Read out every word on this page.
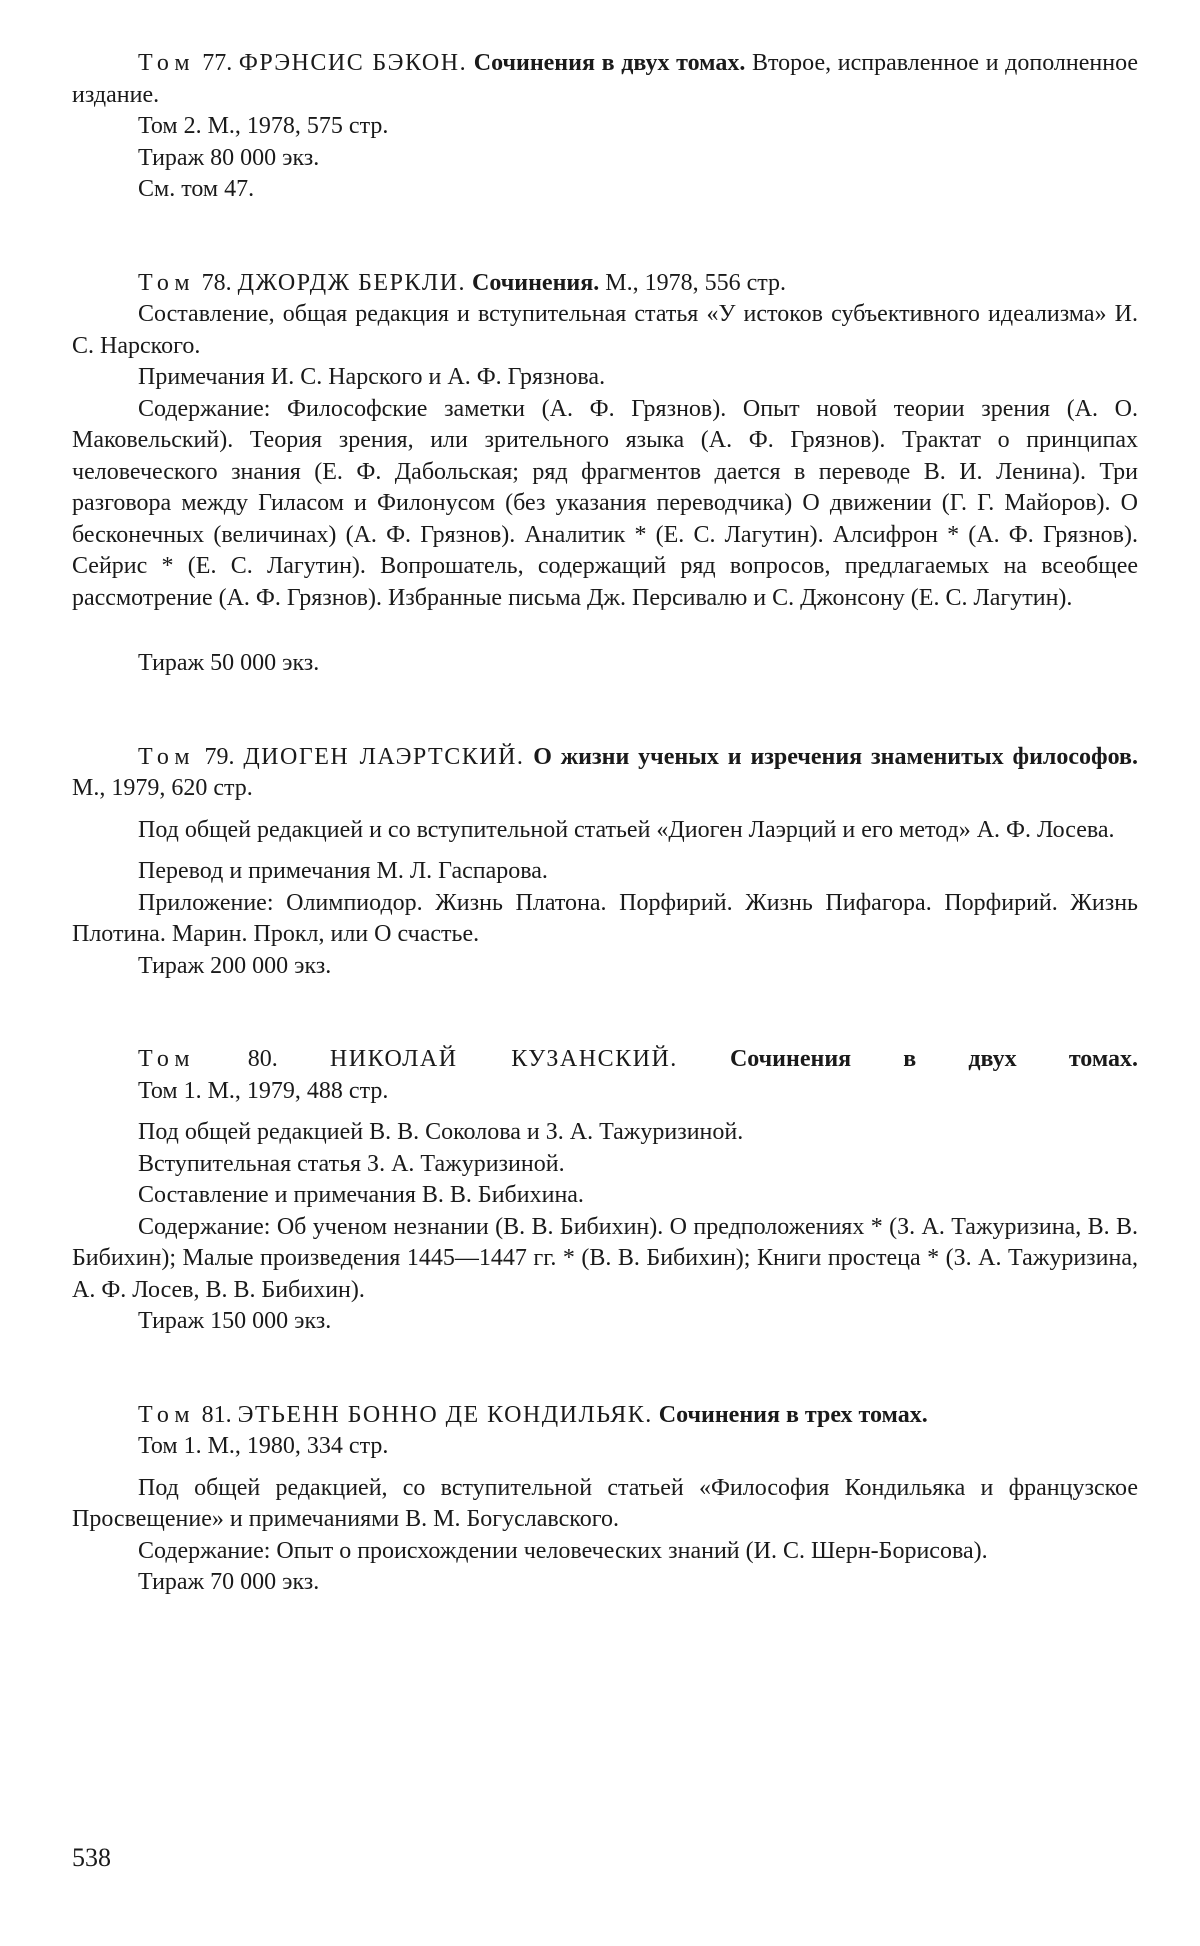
Том 77. ФРЭНСИС БЭКОН. Сочинения в двух томах. Второе, исправленное и дополненное издание.

Том 2. М., 1978, 575 стр.

Тираж 80 000 экз.

См. том 47.

Том 78. ДЖОРДЖ БЕРКЛИ. Сочинения. М., 1978, 556 стр.

Составление, общая редакция и вступительная статья «У истоков субъективного идеализма» И. С. Нарского.

Примечания И. С. Нарского и А. Ф. Грязнова.

Содержание: Философские заметки (А. Ф. Грязнов). Опыт новой теории зрения (А. О. Маковельский). Теория зрения, или зрительного языка (А. Ф. Грязнов). Трактат о принципах человеческого знания (Е. Ф. Дабольская; ряд фрагментов дается в переводе В. И. Ленина). Три разговора между Гиласом и Филонусом (без указания переводчика) О движении (Г. Г. Майоров). О бесконечных (величинах) (А. Ф. Грязнов). Аналитик * (Е. С. Лагутин). Алсифрон * (А. Ф. Грязнов). Сейрис * (Е. С. Лагутин). Вопрошатель, содержащий ряд вопросов, предлагаемых на всеобщее рассмотрение (А. Ф. Грязнов). Избранные письма Дж. Персивалю и С. Джонсону (Е. С. Лагутин).

Тираж 50 000 экз.

Том 79. ДИОГЕН ЛАЭРТСКИЙ. О жизни ученых и изречения знаменитых философов. М., 1979, 620 стр.

Под общей редакцией и со вступительной статьей «Диоген Лаэрций и его метод» А. Ф. Лосева.

Перевод и примечания М. Л. Гаспарова.

Приложение: Олимпиодор. Жизнь Платона. Порфирий. Жизнь Пифагора. Порфирий. Жизнь Плотина. Марин. Прокл, или О счастье.

Тираж 200 000 экз.

Том 80. НИКОЛАЙ КУЗАНСКИЙ. Сочинения в двух томах.

Том 1. М., 1979, 488 стр.

Под общей редакцией В. В. Соколова и З. А. Тажуризиной.

Вступительная статья З. А. Тажуризиной.

Составление и примечания В. В. Бибихина.

Содержание: Об ученом незнании (В. В. Бибихин). О предположениях * (З. А. Тажуризина, В. В. Бибихин); Малые произведения 1445—1447 гг. * (В. В. Бибихин); Книги простеца * (З. А. Тажуризина, А. Ф. Лосев, В. В. Бибихин).

Тираж 150 000 экз.

Том 81. ЭТЬЕНН БОННО ДЕ КОНДИЛЬЯК. Сочинения в трех томах.

Том 1. М., 1980, 334 стр.

Под общей редакцией, со вступительной статьей «Философия Кондильяка и французское Просвещение» и примечаниями В. М. Богуславского.

Содержание: Опыт о происхождении человеческих знаний (И. С. Шерн-Борисова).

Тираж 70 000 экз.

538
